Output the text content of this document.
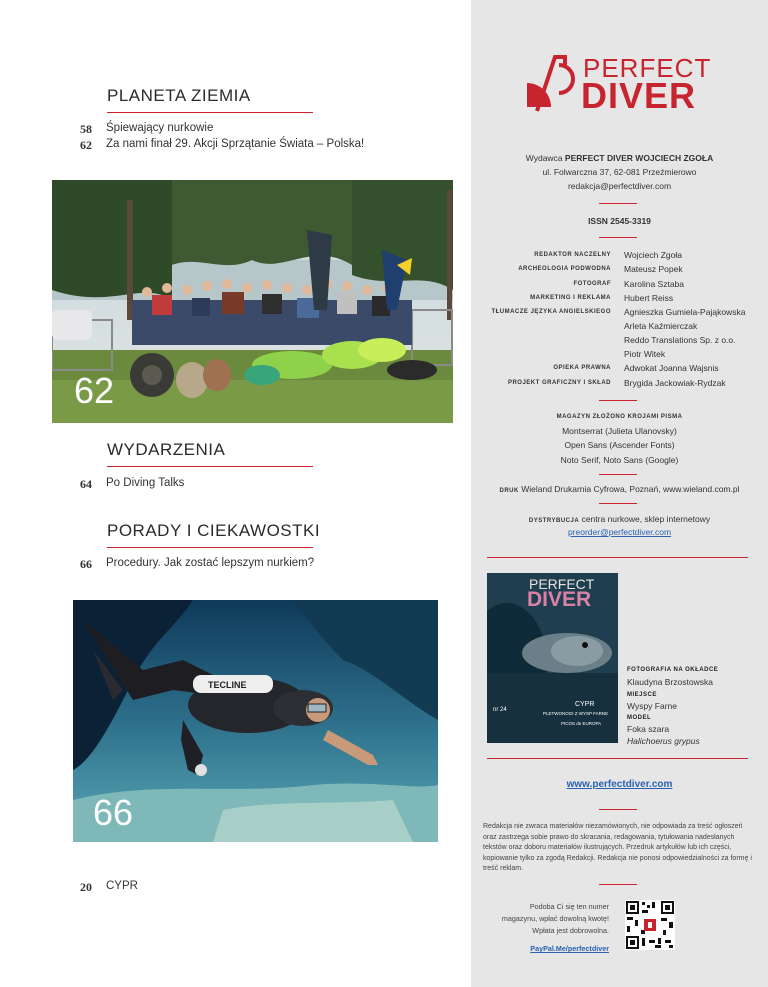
PLANETA ZIEMIA
58	Śpiewający nurkowie
62	Za nami finał 29. Akcji Sprzątanie Świata – Polska!
62
WYDARZENIA
64	Po Diving Talks
PORADY I CIEKAWOSTKI
66	Procedury. Jak zostać lepszym nurkiem?
TECLINE
66
20	CYPR
PERFECT
DIVER
Wydawca PERFECT DIVER WOJCIECH ZGOŁA
ul. Folwarczna 37, 62-081 Przeźmierowo
redakcja@perfectdiver.com
ISSN 2545-3319
REDAKTOR NACZELNY Wojciech Zgoła
ARCHEOLOGIA PODWODNA Mateusz Popek
FOTOGRAF Karolina Sztaba
MARKETING I REKLAMA Hubert Reiss
TŁUMACZE JĘZYKA ANGIELSKIEGO Agnieszka Gumiela-Pająkowska
Arleta Kaźmierczak
Reddo Translations Sp. z o.o.
Piotr Witek
OPIEKA PRAWNA Adwokat Joanna Wajsnis
PROJEKT GRAFICZNY I SKŁAD Brygida Jackowiak-Rydzak
MAGAZYN ZŁOŻONO KROJAMI PISMA
Montserrat (Julieta Ulanovsky)
Open Sans (Ascender Fonts)
Noto Serif, Noto Sans (Google)
DRUK Wieland Drukarnia Cyfrowa, Poznań, www.wieland.com.pl
DYSTRYBUCJA centra nurkowe, sklep internetowy
preorder@perfectdiver.com
PERFECT
DIVER
CYPR
PLETWONOGI Z WYSP FARNE
PICOS de EUROPA
nr 24
FOTOGRAFIA NA OKŁADCE
Klaudyna Brzostowska
MIEJSCE
Wyspy Farne
MODEL
Foka szara
Halichoerus grypus
www.perfectdiver.com
Redakcja nie zwraca materiałów niezamówionych, nie odpowiada za treść ogłoszeń oraz zastrzega sobie prawo do skracania, redagowania, tytułowania nadesłanych tekstów oraz doboru materiałów ilustrujących. Przedruk artykułów lub ich części, kopiowanie tylko za zgodą Redakcji. Redakcja nie ponosi odpowiedzialności za formę i treść reklam.
Podoba Ci się ten numer
magazynu, wpłać dowolną kwotę!
Wpłata jest dobrowolna.
PayPal.Me/perfectdiver
